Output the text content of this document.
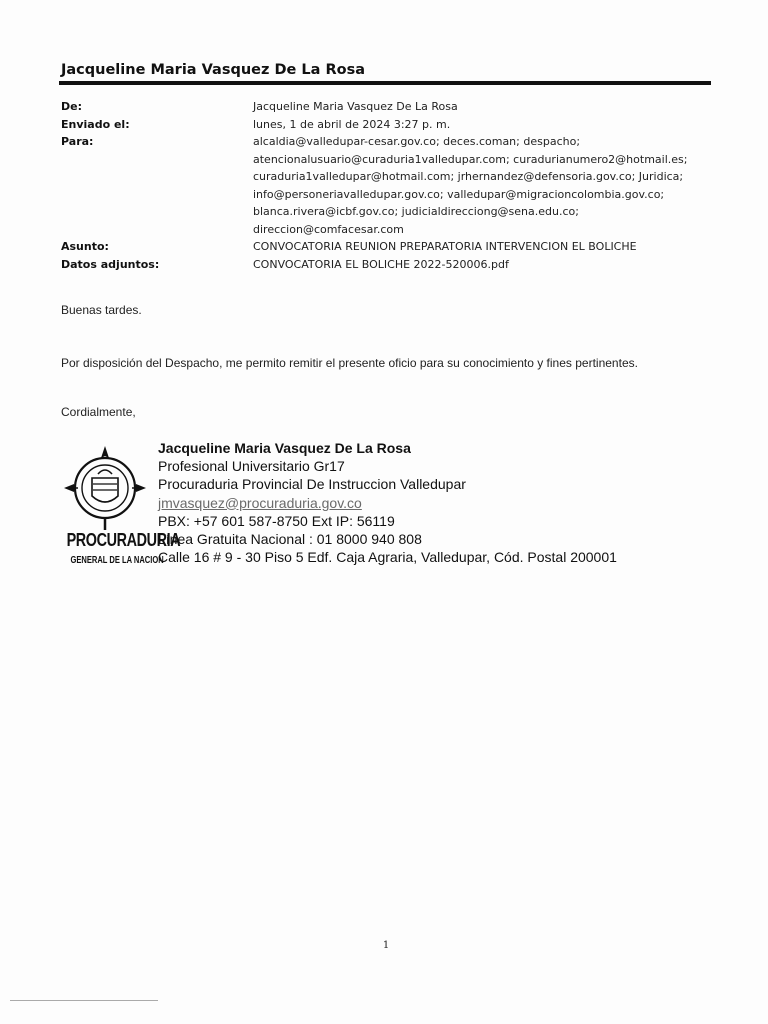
Jacqueline Maria Vasquez De La Rosa
De:	Jacqueline Maria Vasquez De La Rosa
Enviado el:	lunes, 1 de abril de 2024 3:27 p. m.
Para:	alcaldia@valledupar-cesar.gov.co; deces.coman; despacho;
atencionalusuario@curaduria1valledupar.com; curadurianumero2@hotmail.es;
curaduria1valledupar@hotmail.com; jrhernandez@defensoria.gov.co; Juridica;
info@personeriavalledupar.gov.co; valledupar@migracioncolombia.gov.co;
blanca.rivera@icbf.gov.co; judicialdirecciong@sena.edu.co;
direccion@comfacesar.com
Asunto:	CONVOCATORIA REUNION PREPARATORIA INTERVENCION EL BOLICHE
Datos adjuntos:	CONVOCATORIA EL BOLICHE 2022-520006.pdf
Buenas tardes.
Por disposición del Despacho, me permito remitir el presente oficio para su conocimiento y fines pertinentes.
Cordialmente,
PROCURADURIA
GENERAL DE LA NACION
Jacqueline Maria Vasquez De La Rosa
Profesional Universitario Gr17
Procuraduria Provincial De Instruccion Valledupar
jmvasquez@procuraduria.gov.co
PBX: +57 601 587-8750 Ext IP: 56119
Línea Gratuita Nacional : 01 8000 940 808
Calle 16 # 9 - 30 Piso 5 Edf. Caja Agraria, Valledupar, Cód. Postal 200001
1
